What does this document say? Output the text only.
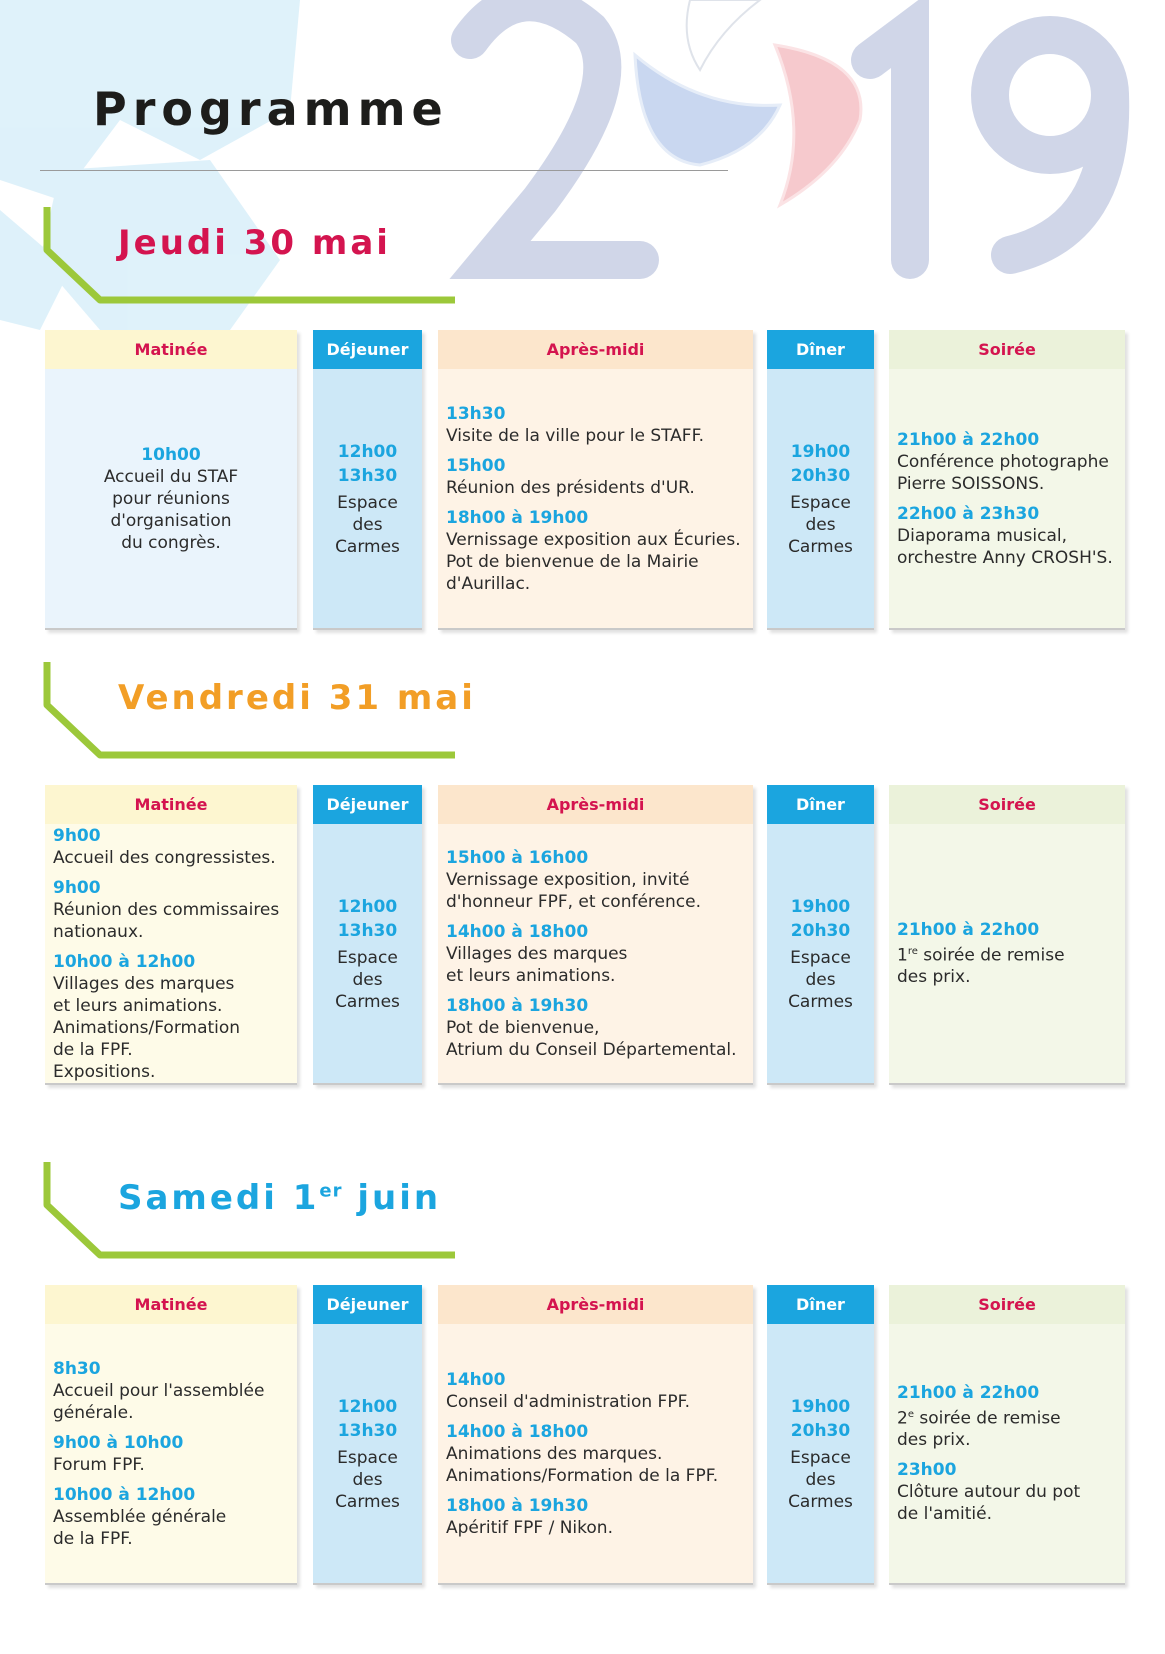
Programme
Jeudi 30 mai
Matinée
10h00
Accueil du STAF
pour réunions
d'organisation
du congrès.
Déjeuner
12h00
13h30
Espace
des
Carmes
Après-midi
13h30
Visite de la ville pour le STAFF.
15h00
Réunion des présidents d'UR.
18h00 à 19h00
Vernissage exposition aux Écuries.
Pot de bienvenue de la Mairie
d'Aurillac.
Dîner
19h00
20h30
Espace
des
Carmes
Soirée
21h00 à 22h00
Conférence photographe
Pierre SOISSONS.
22h00 à 23h30
Diaporama musical,
orchestre Anny CROSH'S.
Vendredi 31 mai
Matinée
9h00
Accueil des congressistes.
9h00
Réunion des commissaires
nationaux.
10h00 à 12h00
Villages des marques
et leurs animations.
Animations/Formation
de la FPF.
Expositions.
Déjeuner
12h00
13h30
Espace
des
Carmes
Après-midi
15h00 à 16h00
Vernissage exposition, invité
d'honneur FPF, et conférence.
14h00 à 18h00
Villages des marques
et leurs animations.
18h00 à 19h30
Pot de bienvenue,
Atrium du Conseil Départemental.
Dîner
19h00
20h30
Espace
des
Carmes
Soirée
21h00 à 22h00
1re soirée de remise
des prix.
Samedi 1er juin
Matinée
8h30
Accueil pour l'assemblée
générale.
9h00 à 10h00
Forum FPF.
10h00 à 12h00
Assemblée générale
de la FPF.
Déjeuner
12h00
13h30
Espace
des
Carmes
Après-midi
14h00
Conseil d'administration FPF.
14h00 à 18h00
Animations des marques.
Animations/Formation de la FPF.
18h00 à 19h30
Apéritif FPF / Nikon.
Dîner
19h00
20h30
Espace
des
Carmes
Soirée
21h00 à 22h00
2e soirée de remise
des prix.
23h00
Clôture autour du pot
de l'amitié.
